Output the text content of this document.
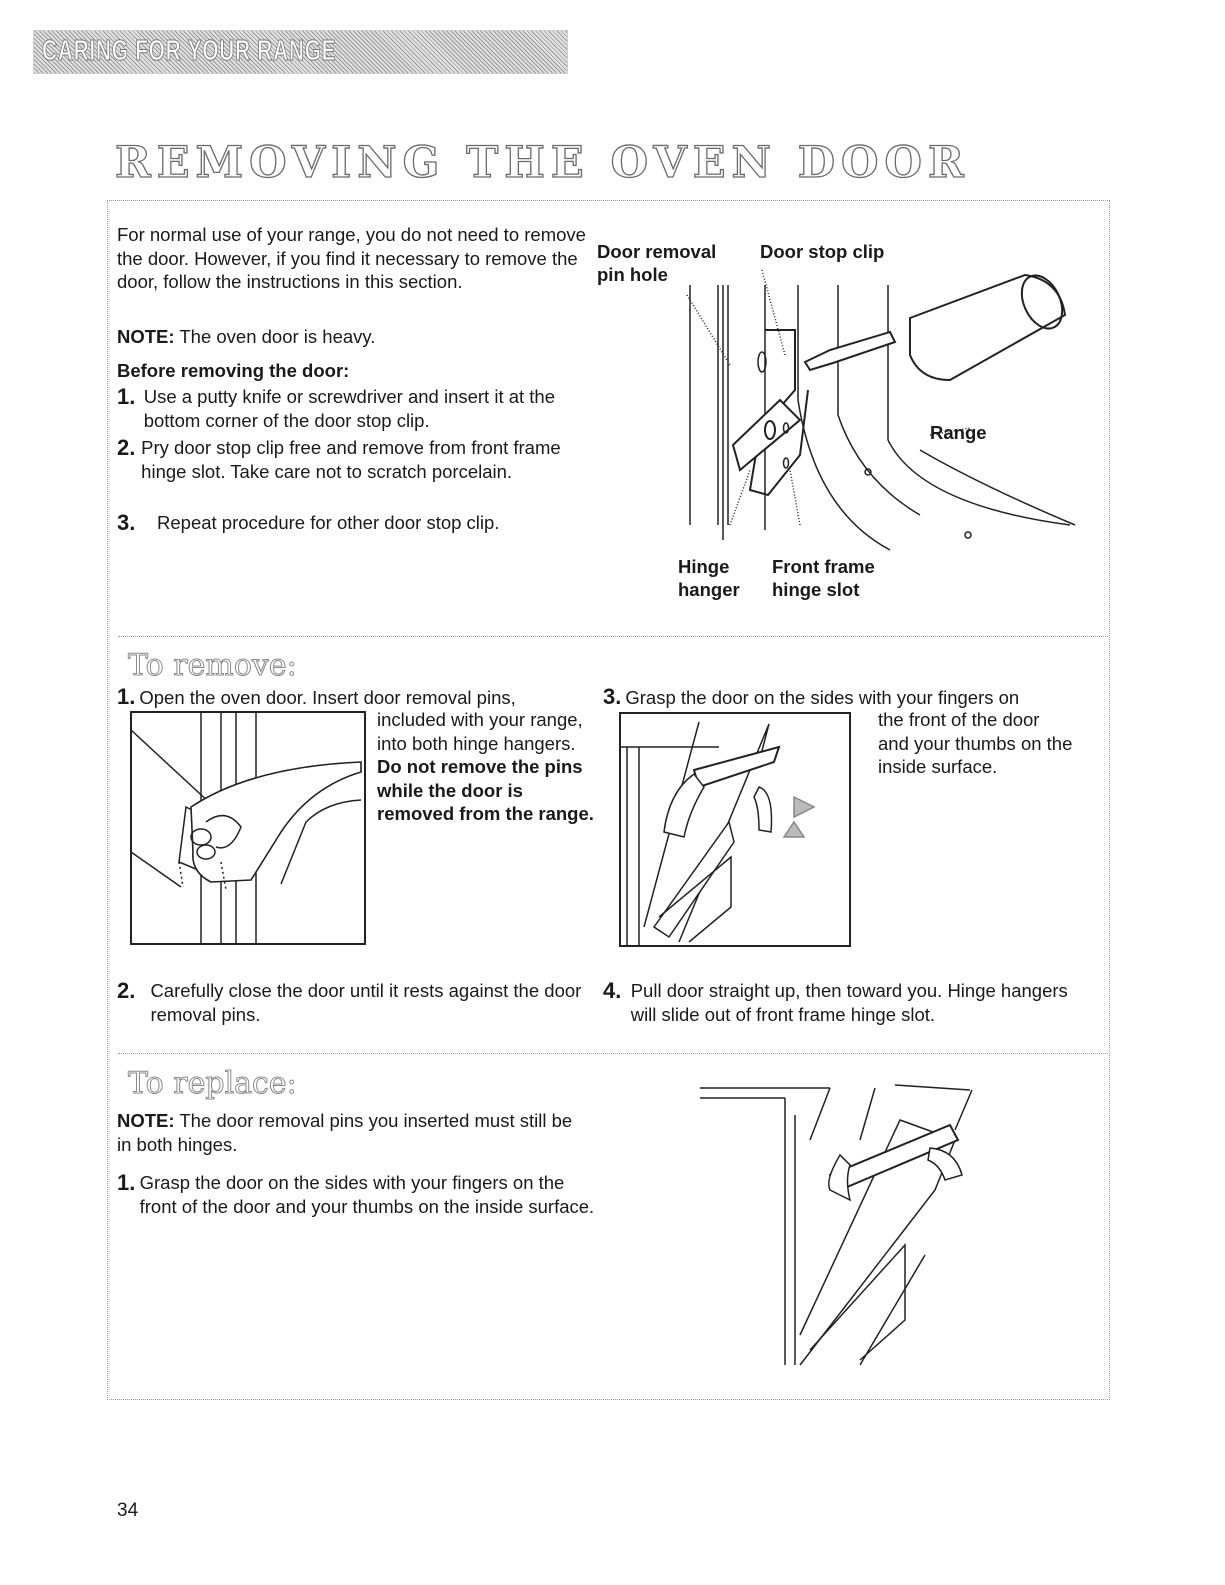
CARING FOR YOUR RANGE
REMOVING THE OVEN DOOR
For normal use of your range, you do not need to remove the door. However, if you find it necessary to remove the door, follow the instructions in this section.
NOTE: The oven door is heavy.
Before removing the door:
1. Use a putty knife or screwdriver and insert it at the bottom corner of the door stop clip.
2. Pry door stop clip free and remove from front frame hinge slot. Take care not to scratch porcelain.
3.	Repeat procedure for other door stop clip.
Door removal
pin hole
Door stop clip
Range
Hinge
hanger
Front frame
hinge slot
To remove:
1. Open the oven door. Insert door removal pins,
included with your range, into both hinge hangers. Do not remove the pins while the door is removed from the range.
2. Carefully close the door until it rests against the door removal pins.
3. Grasp the door on the sides with your fingers on
the front of the door and your thumbs on the inside surface.
4. Pull door straight up, then toward you. Hinge hangers will slide out of front frame hinge slot.
To replace:
NOTE: The door removal pins you inserted must still be in both hinges.
1. Grasp the door on the sides with your fingers on the front of the door and your thumbs on the inside surface.
34
